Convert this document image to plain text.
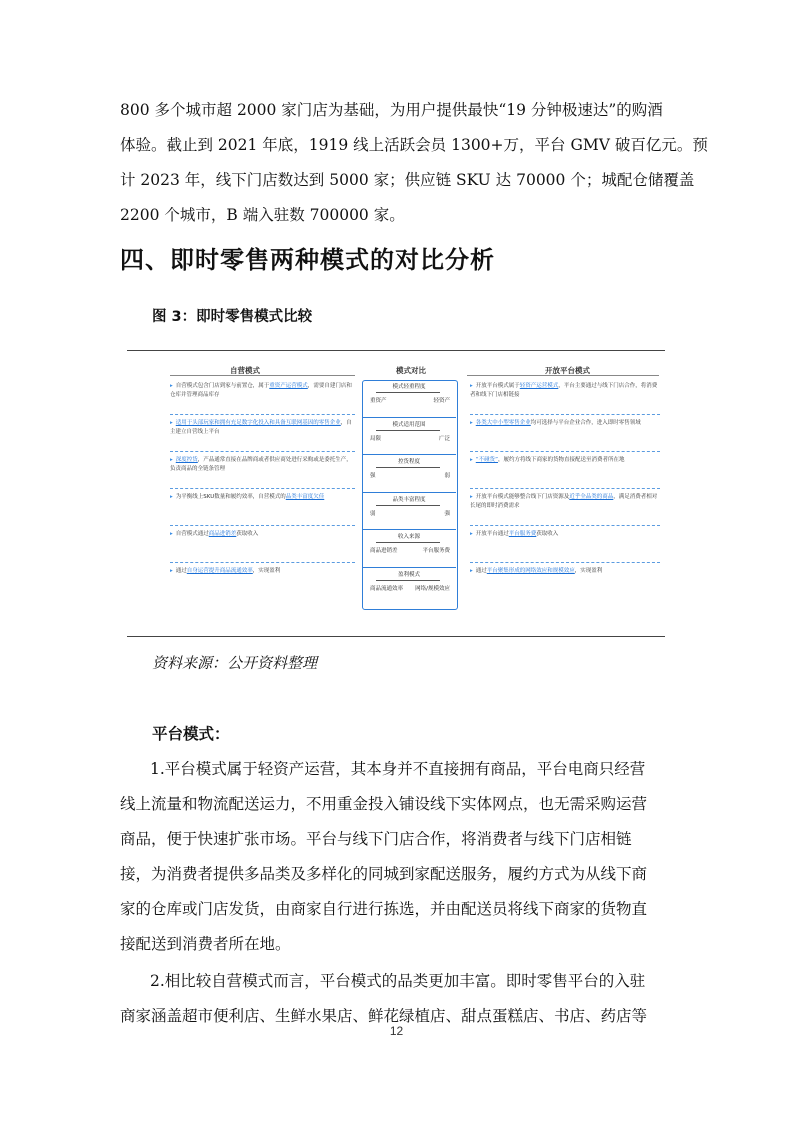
800 多个城市超 2000 家门店为基础，为用户提供最快“19 分钟极速达”的购酒
体验。截止到 2021 年底，1919 线上活跃会员 1300+万，平台 GMV 破百亿元。预
计 2023 年，线下门店数达到 5000 家；供应链 SKU 达 70000 个；城配仓储覆盖
2200 个城市，B 端入驻数 700000 家。
四、即时零售两种模式的对比分析
图 3：即时零售模式比较
自营模式	模式对比	开放平台模式
▸ 自营模式包含门店到家与前置仓，属于重资产运营模式，需要自建门店和仓库并管理商品库存
▸ 适用于头部玩家和拥有充足数字化投入和具备互联网基因的零售企业，自主建立自营线上平台
▸ 深度控货，产品通常直接在品牌商或者供应商处进行采购或是委托生产，负责商品的全链条管理
▸ 为平衡线上SKU数量和履约效率，自营模式的品类丰富度欠佳
▸ 自营模式通过商品进销差获取收入
▸ 通过自身运营提升商品流通效率，实现盈利
▸ 开放平台模式属于轻资产运营模式，平台主要通过与线下门店合作，将消费者和线下门店相链接
▸ 各类大中小型零售企业均可选择与平台企业合作，进入即时零售领域
▸ “不碰货”，履约方将线下商家的货物直接配送至消费者所在地
▸ 开放平台模式能够整合线下门店资源及近乎全品类的商品，满足消费者相对长尾的即时消费需求
▸ 开放平台通过平台服务费获取收入
▸ 通过平台聚集形成的网络效应和规模效应，实现盈利
模式轻重程度
重资产	轻资产
模式适用范围
局限	广泛
控货程度
强	弱
品类丰富程度
弱	强
收入来源
商品进销差	平台服务费
盈利模式
商品流通效率 网络/规模效应
资料来源：公开资料整理
平台模式：
1.平台模式属于轻资产运营，其本身并不直接拥有商品，平台电商只经营
线上流量和物流配送运力，不用重金投入铺设线下实体网点，也无需采购运营
商品，便于快速扩张市场。平台与线下门店合作，将消费者与线下门店相链
接，为消费者提供多品类及多样化的同城到家配送服务，履约方式为从线下商
家的仓库或门店发货，由商家自行进行拣选，并由配送员将线下商家的货物直
接配送到消费者所在地。
2.相比较自营模式而言，平台模式的品类更加丰富。即时零售平台的入驻
商家涵盖超市便利店、生鲜水果店、鲜花绿植店、甜点蛋糕店、书店、药店等
12
